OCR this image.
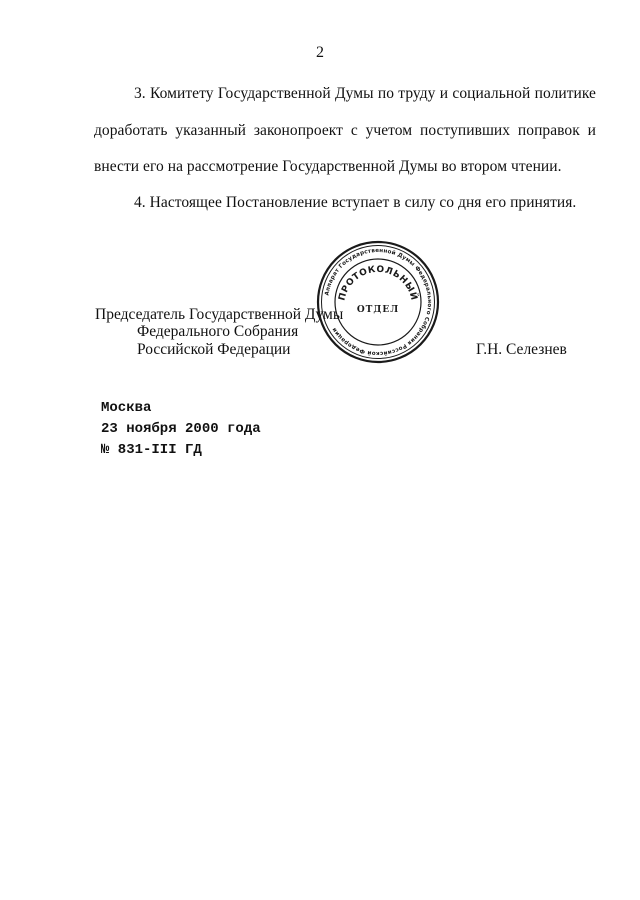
2
3. Комитету Государственной Думы по труду и социальной политике
доработать указанный законопроект с учетом поступивших поправок и
внести его на рассмотрение Государственной Думы во втором чтении.
4. Настоящее Постановление вступает в силу со дня его принятия.
Председатель Государственной Думы
Федерального Собрания
Российской Федерации	Г.Н. Селезнев
Аппарат Государственной Думы Федерального Собрания Российской Федерации
ПРОТОКОЛЬНЫЙ
ОТДЕЛ
Москва
23 ноября 2000 года
№ 831-III ГД
